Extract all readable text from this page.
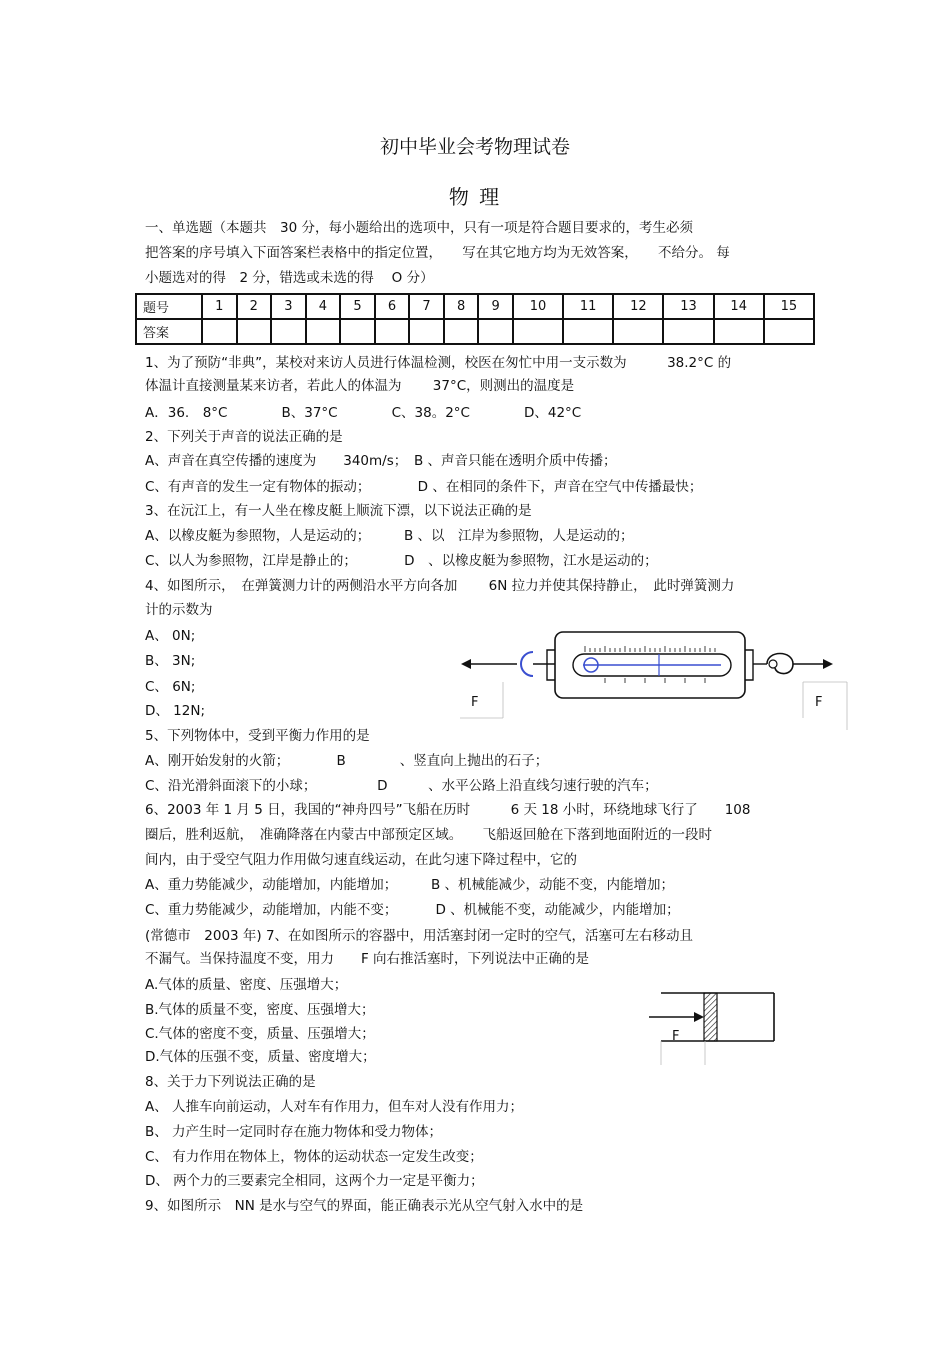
初中毕业会考物理试卷
物 理
一、单选题（本题共　30 分，每小题给出的选项中，只有一项是符合题目要求的，考生必须
把答案的序号填入下面答案栏表格中的指定位置，　　写在其它地方均为无效答案，　　不给分。 每
小题选对的得　2 分，错选或未选的得　 O 分）
题号	1	2	3	4	5	6	7	8	9	10	11	12	13	14	15
答案															
1、为了预防“非典”，某校对来访人员进行体温检测，校医在匆忙中用一支示数为　　　38.2°C 的
体温计直接测量某来访者，若此人的体温为　　 37°C，则测出的温度是
A．36.　8°C　　　　B、37°C　　　　C、38。2°C　　　　D、42°C
2、下列关于声音的说法正确的是
A、声音在真空传播的速度为　　340m/s；　B 、声音只能在透明介质中传播；
C、有声音的发生一定有物体的振动；　　　　D 、在相同的条件下，声音在空气中传播最快；
3、在沅江上，有一人坐在橡皮艇上顺流下漂，以下说法正确的是
A、以橡皮艇为参照物，人是运动的；　　　B 、以　江岸为参照物，人是运动的；
C、以人为参照物，江岸是静止的；　　　　D　、以橡皮艇为参照物，江水是运动的；
4、如图所示，　在弹簧测力计的两侧沿水平方向各加　　 6N 拉力并使其保持静止，　此时弹簧测力
计的示数为
A、 0N;
B、 3N;
C、 6N;
D、 12N;
F	F
5、下列物体中，受到平衡力作用的是
A、刚开始发射的火箭；　　　　B　　　　、竖直向上抛出的石子；
C、沿光滑斜面滚下的小球；　　　　　D　　　、水平公路上沿直线匀速行驶的汽车；
6、2003 年 1 月 5 日，我国的“神舟四号”飞船在历时　　　6 天 18 小时，环绕地球飞行了　　108
圈后，胜利返航，　准确降落在内蒙古中部预定区域。　　飞船返回舱在下落到地面附近的一段时
间内，由于受空气阻力作用做匀速直线运动，在此匀速下降过程中，它的
A、重力势能减少，动能增加，内能增加；　　　B 、机械能减少，动能不变，内能增加；
C、重力势能减少，动能增加，内能不变；　　　 D 、机械能不变，动能减少，内能增加；
(常德市　2003 年) 7、在如图所示的容器中，用活塞封闭一定时的空气，活塞可左右移动且
不漏气。当保持温度不变，用力　　F 向右推活塞时，下列说法中正确的是
A.气体的质量、密度、压强增大；
B.气体的质量不变，密度、压强增大；
C.气体的密度不变，质量、压强增大；
D.气体的压强不变，质量、密度增大；
F
8、关于力下列说法正确的是
A、 人推车向前运动，人对车有作用力，但车对人没有作用力；
B、 力产生时一定同时存在施力物体和受力物体；
C、 有力作用在物体上，物体的运动状态一定发生改变；
D、 两个力的三要素完全相同，这两个力一定是平衡力；
9、如图所示　NN 是水与空气的界面，能正确表示光从空气射入水中的是
